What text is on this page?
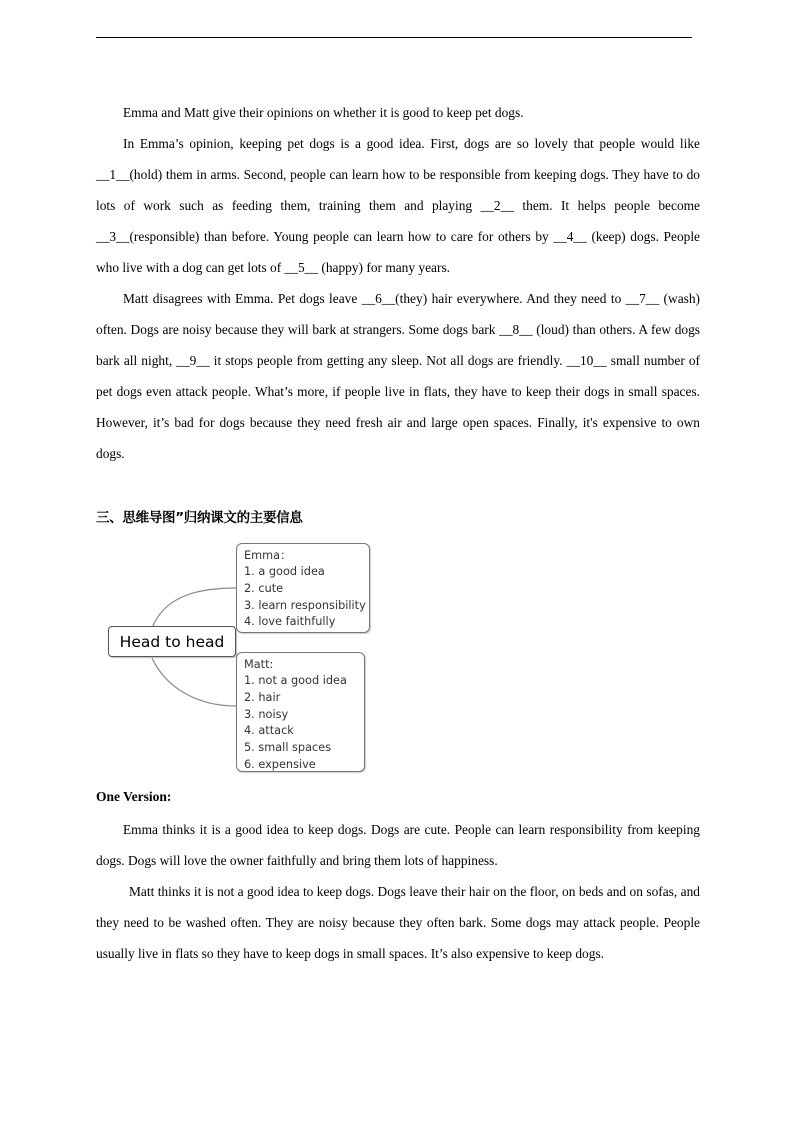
Emma and Matt give their opinions on whether it is good to keep pet dogs.

In Emma’s opinion, keeping pet dogs is a good idea. First, dogs are so lovely that people would like __1__(hold) them in arms. Second, people can learn how to be responsible from keeping dogs. They have to do lots of work such as feeding them, training them and playing __2__ them. It helps people become __3__(responsible) than before. Young people can learn how to care for others by __4__ (keep) dogs. People who live with a dog can get lots of __5__ (happy) for many years.

Matt disagrees with Emma. Pet dogs leave __6__(they) hair everywhere. And they need to __7__ (wash) often. Dogs are noisy because they will bark at strangers. Some dogs bark __8__ (loud) than others. A few dogs bark all night, __9__ it stops people from getting any sleep. Not all dogs are friendly. __10__ small number of pet dogs even attack people. What’s more, if people live in flats, they have to keep their dogs in small spaces. However, it’s bad for dogs because they need fresh air and large open spaces. Finally, it's expensive to own dogs.

三、思维导图”归纳课文的主要信息
Head to head
Emma：
1. a good idea
2. cute
3. learn responsibility
4. love faithfully
Matt:
1. not a good idea
2. hair
3. noisy
4. attack
5. small spaces
6. expensive
One Version:

Emma thinks it is a good idea to keep dogs. Dogs are cute. People can learn responsibility from keeping dogs. Dogs will love the owner faithfully and bring them lots of happiness.

Matt thinks it is not a good idea to keep dogs. Dogs leave their hair on the floor, on beds and on sofas, and they need to be washed often. They are noisy because they often bark. Some dogs may attack people. People usually live in flats so they have to keep dogs in small spaces. It’s also expensive to keep dogs.
